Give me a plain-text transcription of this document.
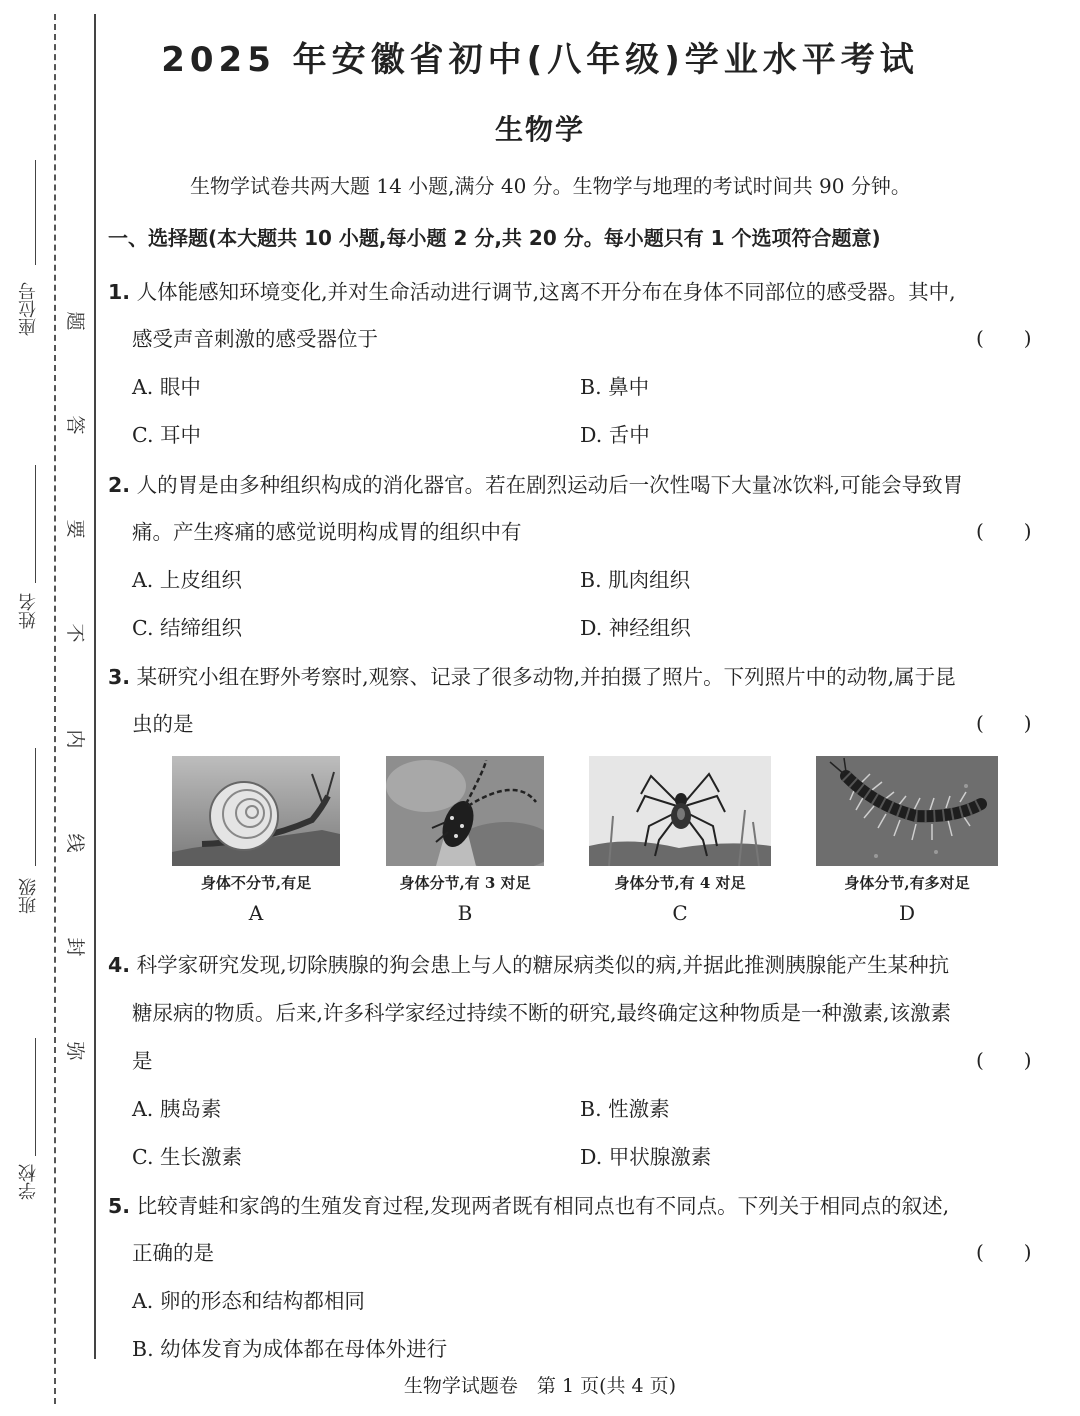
座位号
姓名
班级
学校
题
答
要
不
内
线
封
弥
2025 年安徽省初中(八年级)学业水平考试
生物学
生物学试卷共两大题 14 小题,满分 40 分。生物学与地理的考试时间共 90 分钟。
一、选择题(本大题共 10 小题,每小题 2 分,共 20 分。每小题只有 1 个选项符合题意)
1. 人体能感知环境变化,并对生命活动进行调节,这离不开分布在身体不同部位的感受器。其中,
感受声音刺激的感受器位于	(　　)
A. 眼中	B. 鼻中
C. 耳中	D. 舌中
2. 人的胃是由多种组织构成的消化器官。若在剧烈运动后一次性喝下大量冰饮料,可能会导致胃
痛。产生疼痛的感觉说明构成胃的组织中有	(　　)
A. 上皮组织	B. 肌肉组织
C. 结缔组织	D. 神经组织
3. 某研究小组在野外考察时,观察、记录了很多动物,并拍摄了照片。下列照片中的动物,属于昆
虫的是	(　　)
身体不分节,有足
A
身体分节,有 3 对足
B
身体分节,有 4 对足
C
身体分节,有多对足
D
4. 科学家研究发现,切除胰腺的狗会患上与人的糖尿病类似的病,并据此推测胰腺能产生某种抗
糖尿病的物质。后来,许多科学家经过持续不断的研究,最终确定这种物质是一种激素,该激素
是	(　　)
A. 胰岛素	B. 性激素
C. 生长激素	D. 甲状腺激素
5. 比较青蛙和家鸽的生殖发育过程,发现两者既有相同点也有不同点。下列关于相同点的叙述,
正确的是	(　　)
A. 卵的形态和结构都相同
B. 幼体发育为成体都在母体外进行
生物学试题卷　第 1 页(共 4 页)
